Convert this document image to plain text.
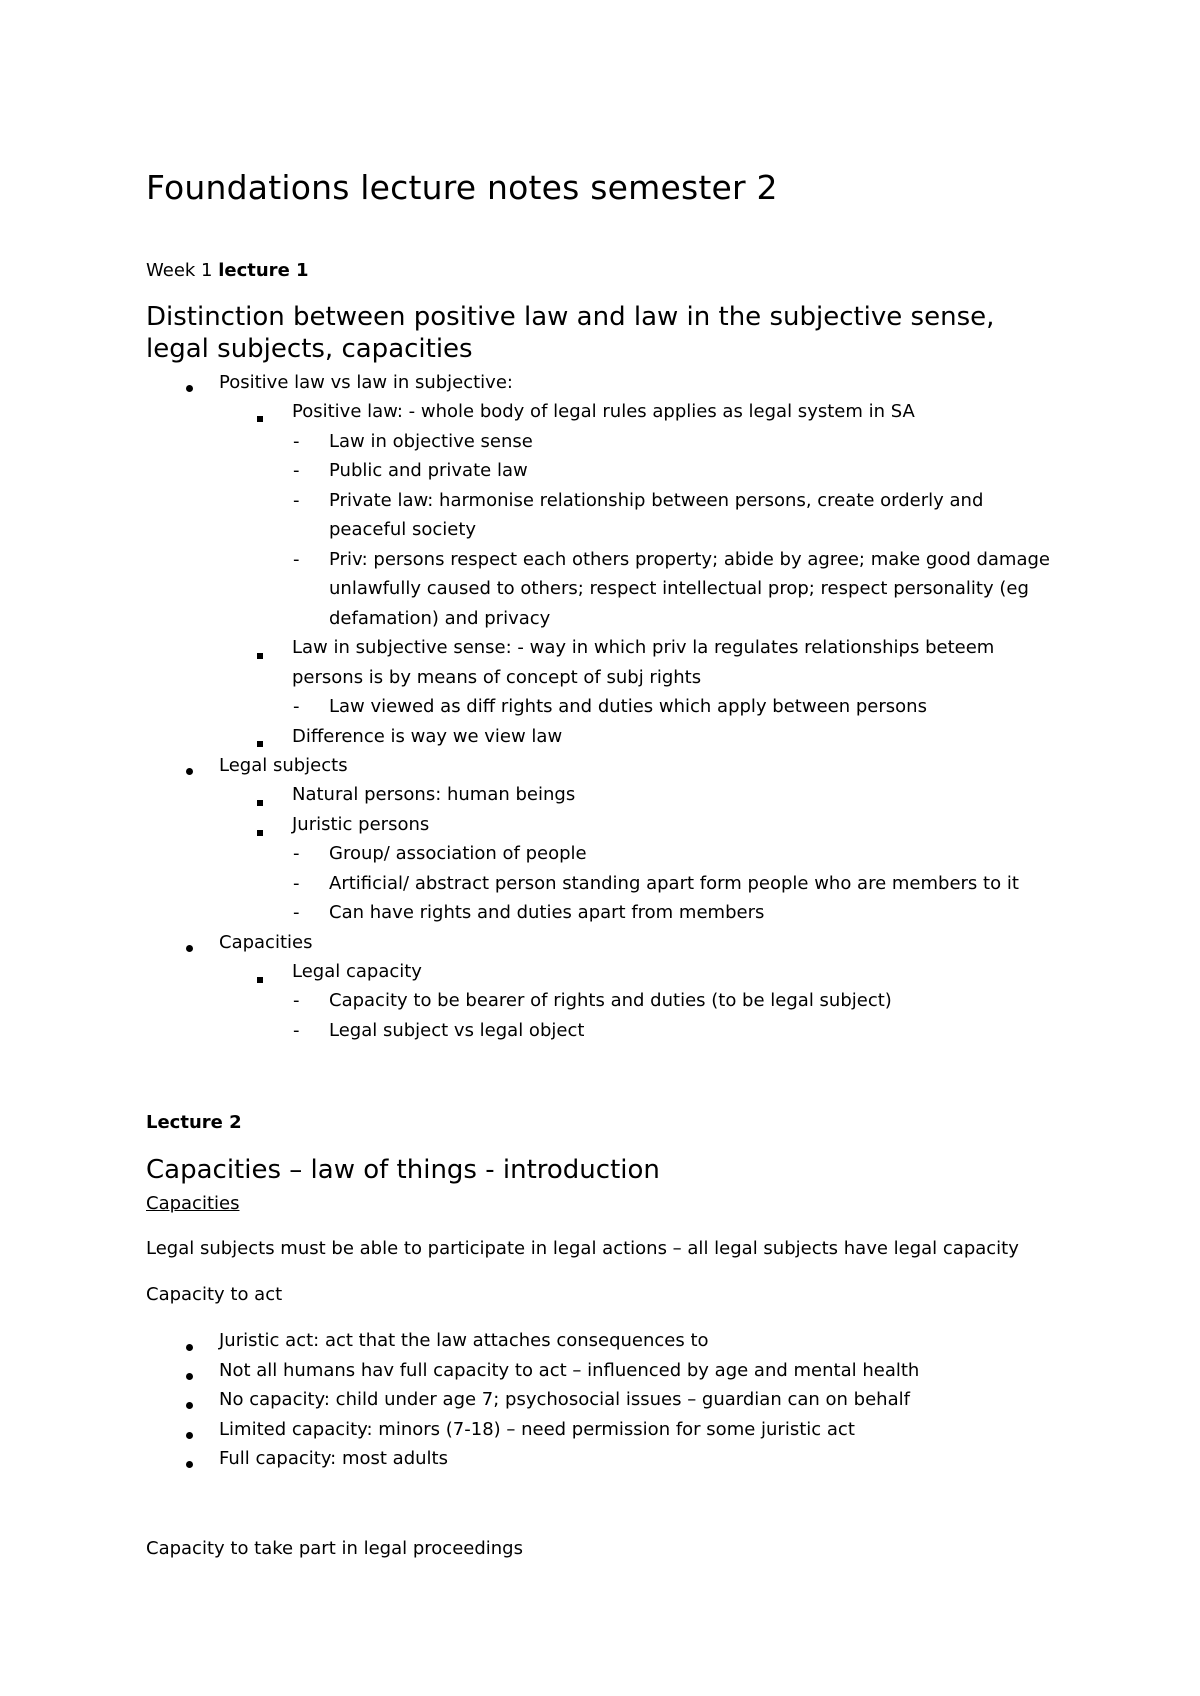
Foundations lecture notes semester 2
Week 1 lecture 1
Distinction between positive law and law in the subjective sense,
legal subjects, capacities
Positive law vs law in subjective:
Positive law: - whole body of legal rules applies as legal system in SA
- Law in objective sense
- Public and private law
- Private law: harmonise relationship between persons, create orderly and
peaceful society
- Priv: persons respect each others property; abide by agree; make good damage
unlawfully caused to others; respect intellectual prop; respect personality (eg
defamation) and privacy
Law in subjective sense: - way in which priv la regulates relationships beteem
persons is by means of concept of subj rights
- Law viewed as diff rights and duties which apply between persons
Difference is way we view law
Legal subjects
Natural persons: human beings
Juristic persons
- Group/ association of people
- Artificial/ abstract person standing apart form people who are members to it
- Can have rights and duties apart from members
Capacities
Legal capacity
- Capacity to be bearer of rights and duties (to be legal subject)
- Legal subject vs legal object
Lecture 2
Capacities – law of things - introduction
Capacities
Legal subjects must be able to participate in legal actions – all legal subjects have legal capacity
Capacity to act
Juristic act: act that the law attaches consequences to
Not all humans hav full capacity to act – influenced by age and mental health
No capacity: child under age 7; psychosocial issues – guardian can on behalf
Limited capacity: minors (7-18) – need permission for some juristic act
Full capacity: most adults
Capacity to take part in legal proceedings
